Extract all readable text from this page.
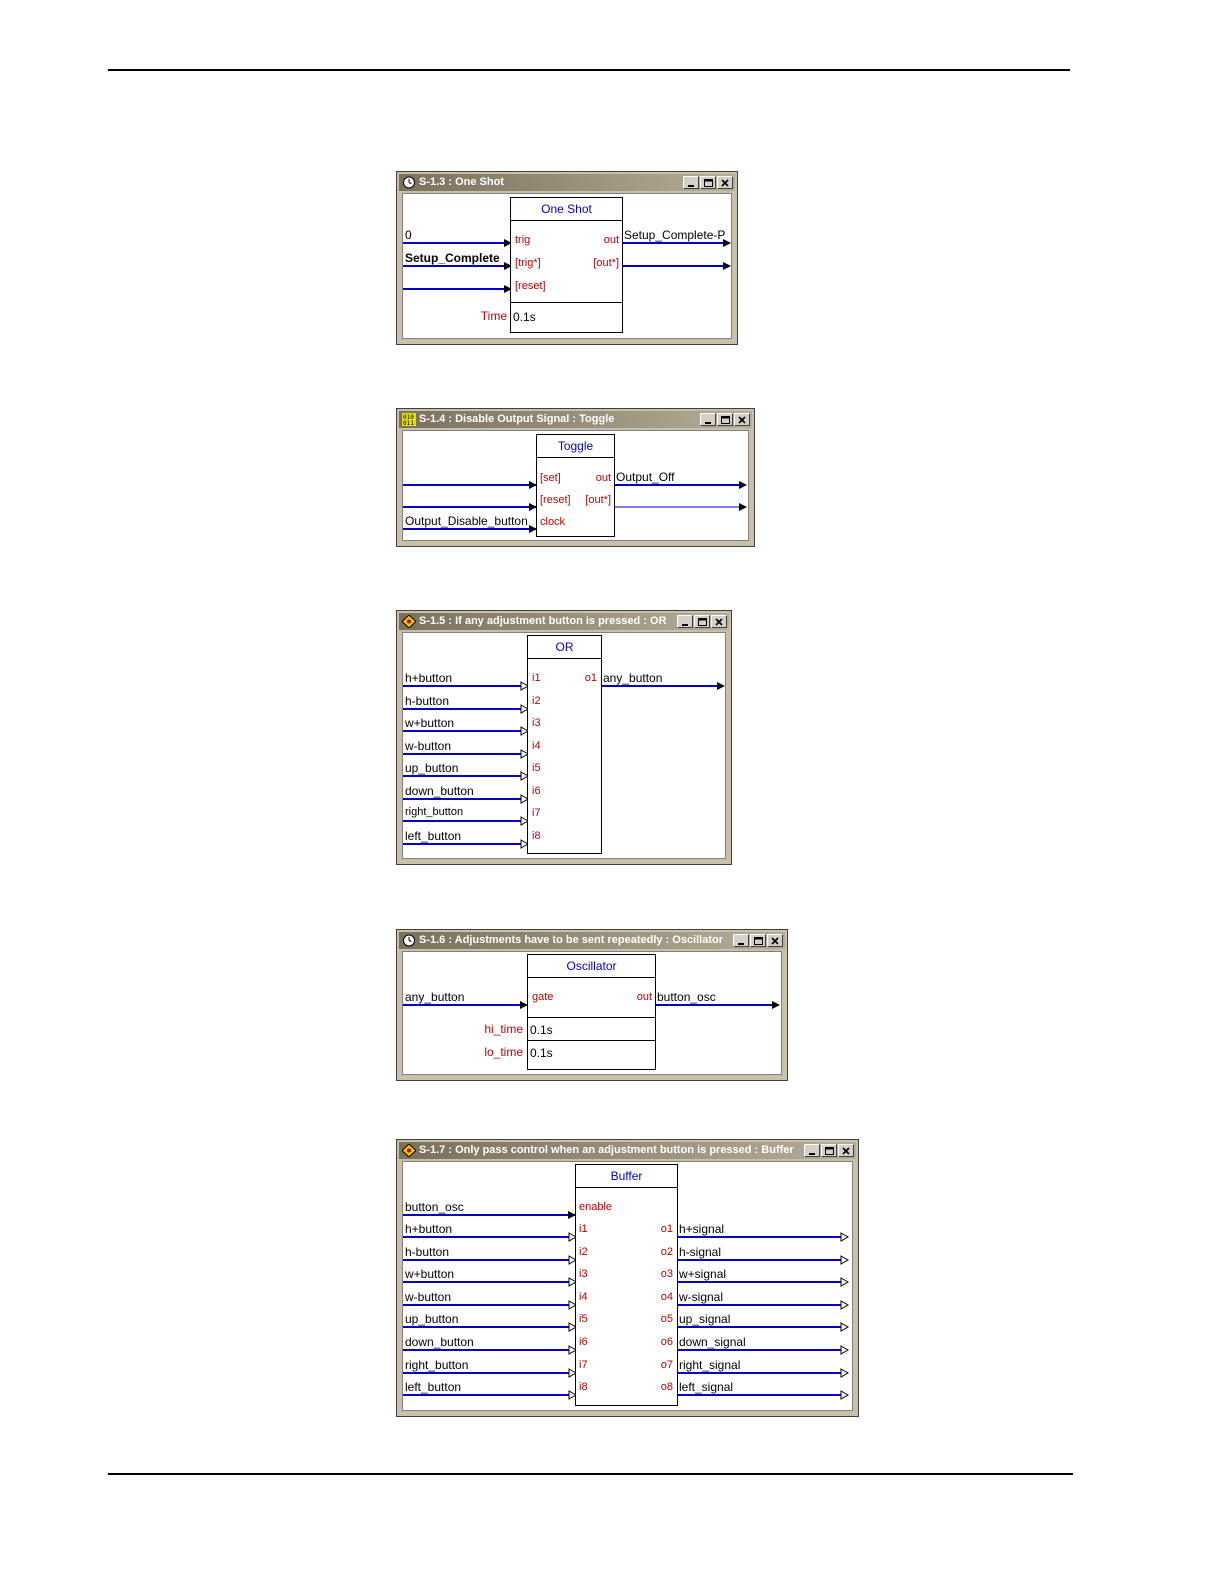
S-1.3 : One Shot
0
Setup_Complete
Setup_Complete-P
One Shot
trig
[trig*]
[reset]
out
[out*]
0.1s
Time
010
011 S-1.4 : Disable Output Signal : Toggle
Output_Disable_button
Output_Off
Toggle
[set]
[reset]
clock
out
[out*]
S-1.5 : If any adjustment button is pressed : OR
h+button
h-button
w+button
w-button
up_button
down_button
right_button
left_button
any_button
OR
i1
i2
i3
i4
i5
i6
i7
i8
o1
S-1.6 : Adjustments have to be sent repeatedly : Oscillator
any_button	button_osc
Oscillator
gate	out
0.1s
0.1s
hi_time
lo_time
S-1.7 : Only pass control when an adjustment button is pressed : Buffer
button_osc
h+button
h-button
w+button
w-button
up_button
down_button
right_button
left_button
h+signal
h-signal
w+signal
w-signal
up_signal
down_signal
right_signal
left_signal
Buffer
enable
i1
i2
i3
i4
i5
i6
i7
i8
o1
o2
o3
o4
o5
o6
o7
o8
